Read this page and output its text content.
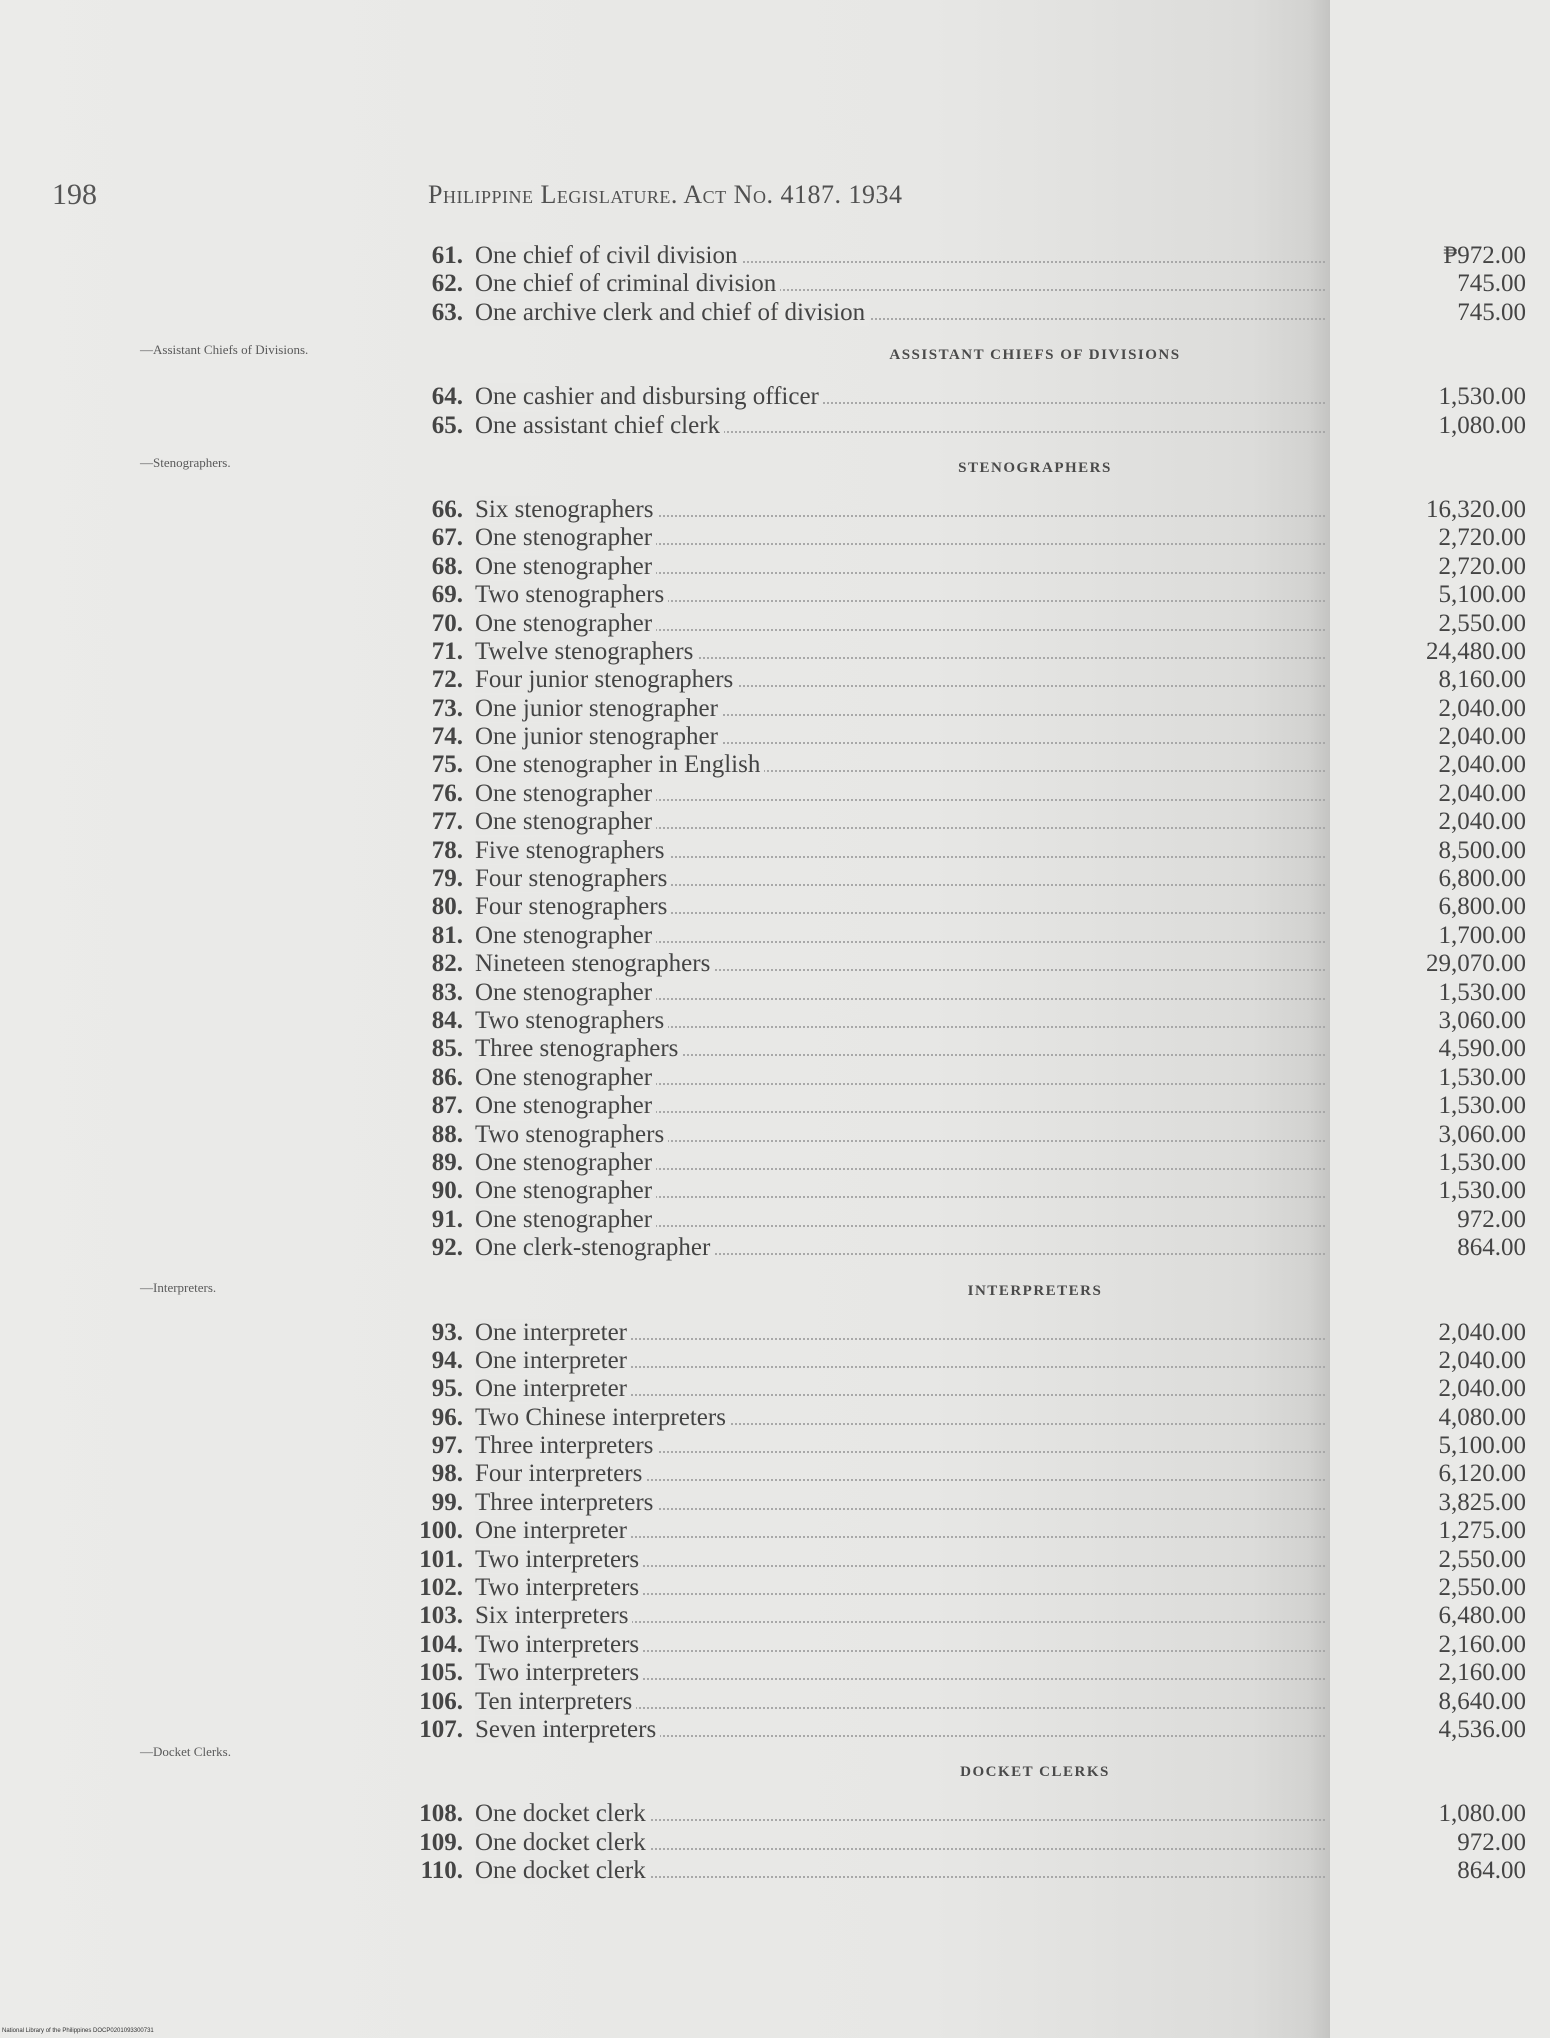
198	Philippine Legislature. Act No. 4187. 1934
—Assistant Chiefs of Divisions.
—Stenographers.
—Interpreters.
—Docket Clerks.
61. One chief of civil division	₱972.00
62. One chief of criminal division	745.00
63. One archive clerk and chief of division	745.00
ASSISTANT CHIEFS OF DIVISIONS
64. One cashier and disbursing officer	1,530.00
65. One assistant chief clerk	1,080.00
STENOGRAPHERS
66. Six stenographers	16,320.00
67. One stenographer	2,720.00
68. One stenographer	2,720.00
69. Two stenographers	5,100.00
70. One stenographer	2,550.00
71. Twelve stenographers	24,480.00
72. Four junior stenographers	8,160.00
73. One junior stenographer	2,040.00
74. One junior stenographer	2,040.00
75. One stenographer in English	2,040.00
76. One stenographer	2,040.00
77. One stenographer	2,040.00
78. Five stenographers	8,500.00
79. Four stenographers	6,800.00
80. Four stenographers	6,800.00
81. One stenographer	1,700.00
82. Nineteen stenographers	29,070.00
83. One stenographer	1,530.00
84. Two stenographers	3,060.00
85. Three stenographers	4,590.00
86. One stenographer	1,530.00
87. One stenographer	1,530.00
88. Two stenographers	3,060.00
89. One stenographer	1,530.00
90. One stenographer	1,530.00
91. One stenographer	972.00
92. One clerk-stenographer	864.00
INTERPRETERS
93. One interpreter	2,040.00
94. One interpreter	2,040.00
95. One interpreter	2,040.00
96. Two Chinese interpreters	4,080.00
97. Three interpreters	5,100.00
98. Four interpreters	6,120.00
99. Three interpreters	3,825.00
100. One interpreter	1,275.00
101. Two interpreters	2,550.00
102. Two interpreters	2,550.00
103. Six interpreters	6,480.00
104. Two interpreters	2,160.00
105. Two interpreters	2,160.00
106. Ten interpreters	8,640.00
107. Seven interpreters	4,536.00
DOCKET CLERKS
108. One docket clerk	1,080.00
109. One docket clerk	972.00
110. One docket clerk	864.00
National Library of the Philippines DOCP0201093300731
